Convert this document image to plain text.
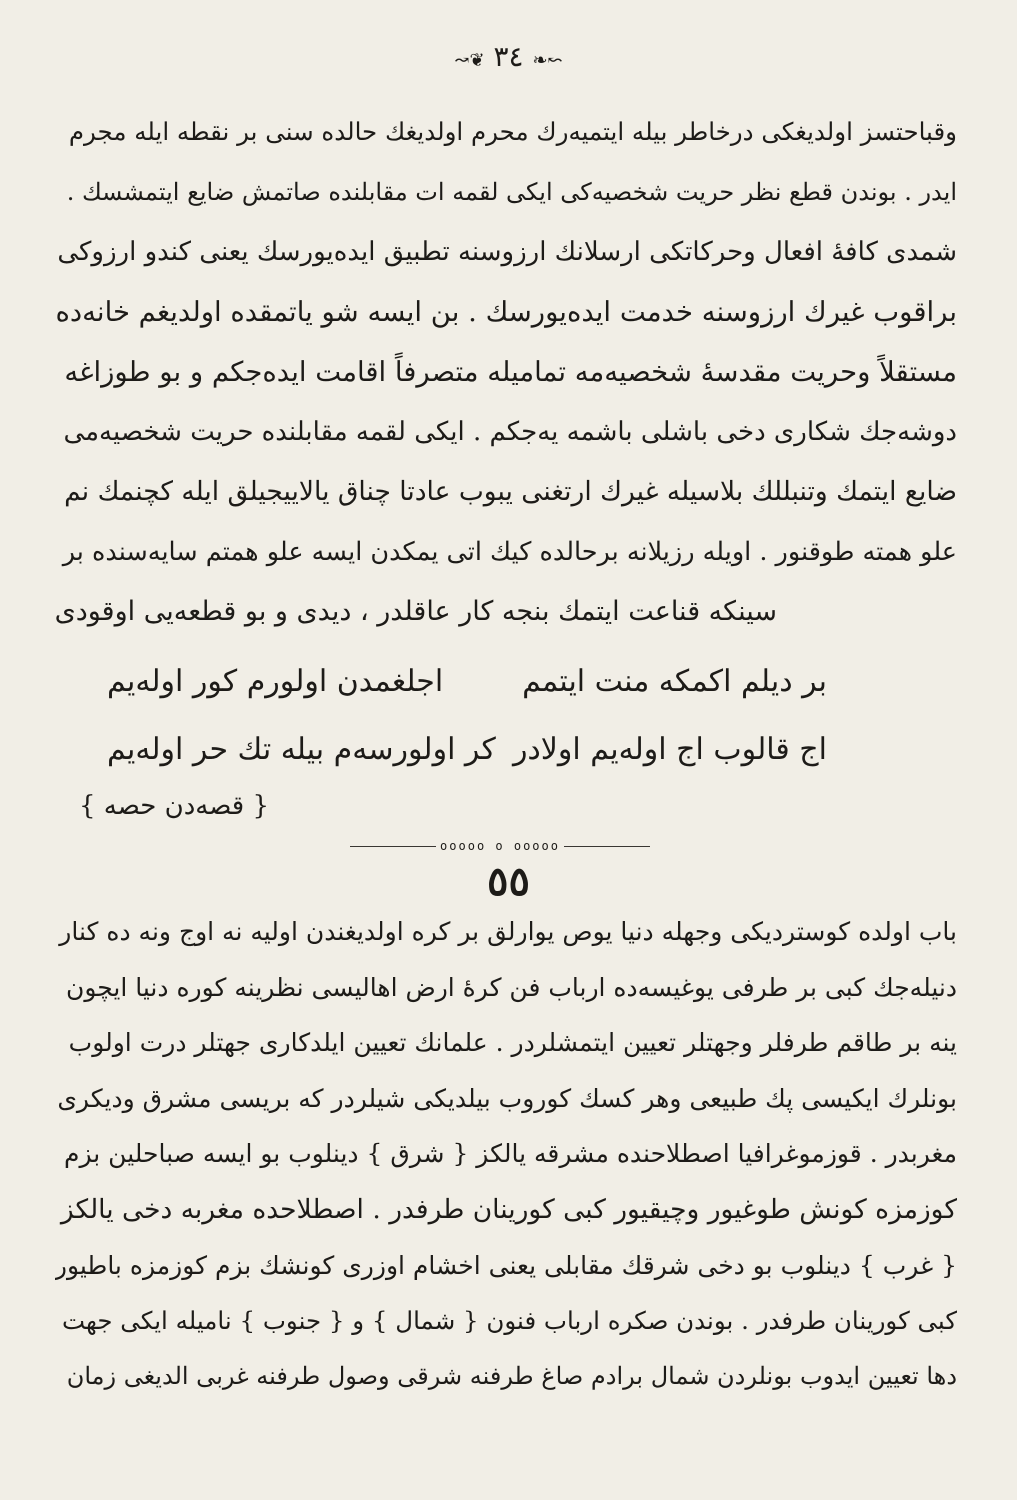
↝❦ ٣٤ ❧↜
وقباحتسز اولدیغکی درخاطر بیله ایتمیه‌رك محرم اولدیغك حالده سنی بر نقطه ایله مجرم
ایدر . بوندن قطع نظر حریت شخصیه‌کی ایکی لقمه ات مقابلنده صاتمش ضایع ایتمشسك .
شمدی کافهٔ افعال وحرکاتکی ارسلانك ارزوسنه تطبیق ایده‌یورسك یعنی کندو ارزوکی
براقوب غیرك ارزوسنه خدمت ایده‌یورسك . بن ایسه شو یاتمقده اولدیغم خانه‌ده
مستقلاً وحریت مقدسهٔ شخصیه‌مه تمامیله متصرفاً اقامت ایده‌جکم و بو طوزاغه
دوشه‌جك شکاری دخی باشلی باشمه یه‌جکم . ایکی لقمه مقابلنده حریت شخصیه‌می
ضایع ایتمك وتنبللك بلاسیله غیرك ارتغنی یبوب عادتا چناق یالاییجیلق ایله کچنمك نم
علو همته طوقنور . اویله رزیلانه برحالده کیك اتی یمکدن ایسه علو همتم سایه‌سنده بر
سینکه قناعت ایتمك بنجه کار عاقلدر ، دیدی و بو قطعه‌یی اوقودی
بر دیلم اکمکه منت ایتمم
اجلغمدن اولورم کور اوله‌یم
اج قالوب اج اوله‌یم اولادر
کر اولورسه‌م بیله تك حر اوله‌یم
{ قصه‌دن حصه }
ooooo o ooooo
٥٥
باب اولده کوستردیکی وجهله دنیا یوص یوارلق بر کره اولدیغندن اولیه نه اوج ونه ده کنار
دنیله‌جك کبی بر طرفی یوغیسه‌ده ارباب فن کرهٔ ارض اهالیسی نظرینه کوره دنیا ایچون
ینه بر طاقم طرفلر وجهتلر تعیین ایتمشلردر . علمانك تعیین ایلدکاری جهتلر درت اولوب
بونلرك ایکیسی پك طبیعی وهر کسك کوروب بیلدیکی شیلردر که بریسی مشرق ودیکری
مغربدر . قوزموغرافیا اصطلاحنده مشرقه یالکز { شرق } دینلوب بو ایسه صباحلین بزم
کوزمزه کونش طوغیور وچیقیور کبی کورینان طرفدر . اصطلاحده مغربه دخی یالکز
{ غرب } دینلوب بو دخی شرقك مقابلی یعنی اخشام اوزری کونشك بزم کوزمزه باطیور
کبی کورینان طرفدر . بوندن صکره ارباب فنون { شمال } و { جنوب } نامیله ایکی جهت
دها تعیین ایدوب بونلردن شمال برادم صاغ طرفنه شرقی وصول طرفنه غربی الدیغی زمان
